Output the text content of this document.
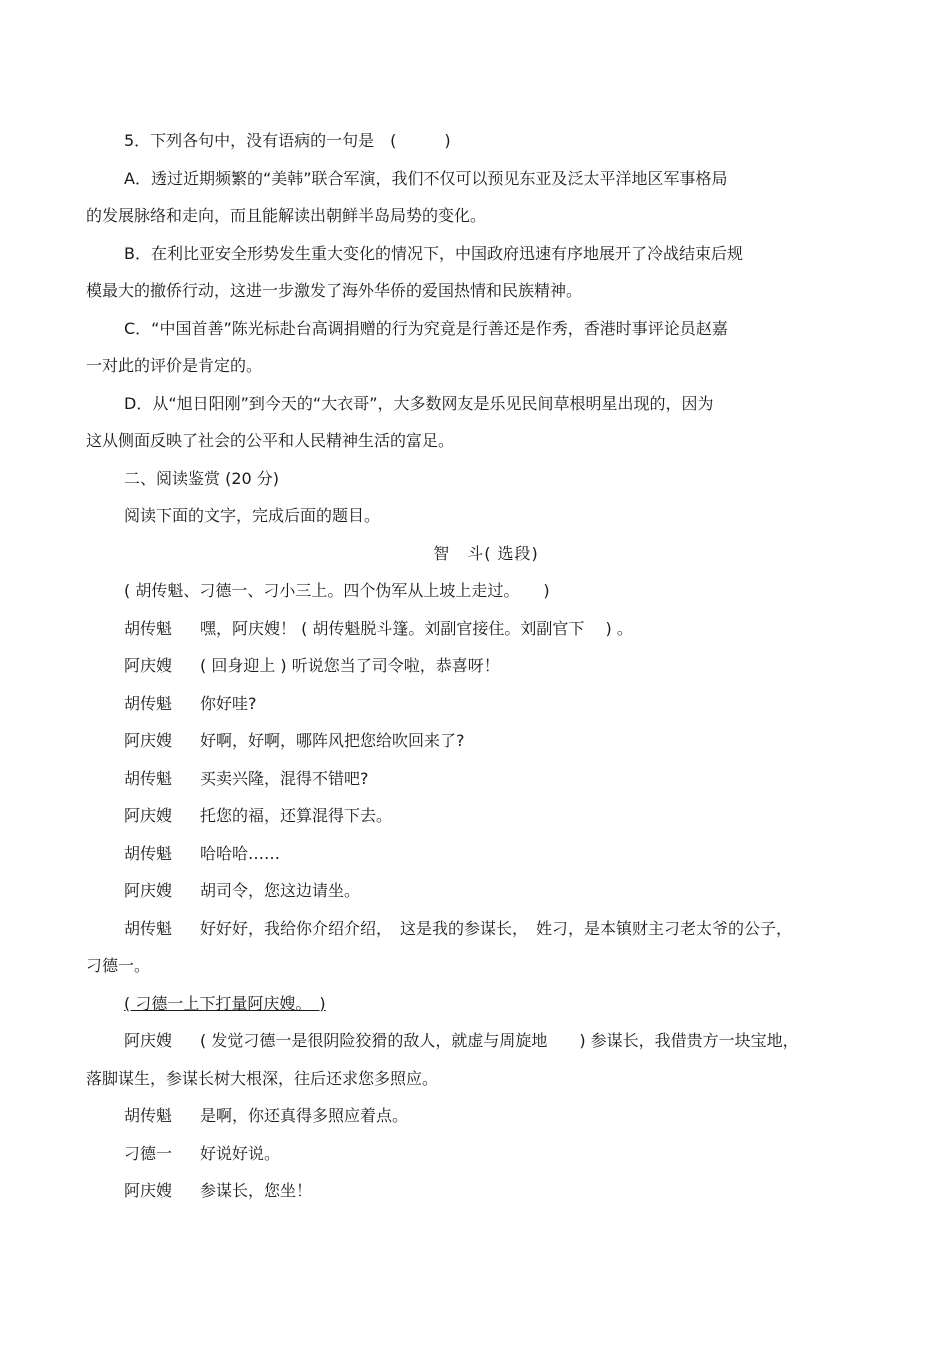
5．下列各句中，没有语病的一句是　(　　　)

A．透过近期频繁的“美韩”联合军演，我们不仅可以预见东亚及泛太平洋地区军事格局

的发展脉络和走向，而且能解读出朝鲜半岛局势的变化。

B．在利比亚安全形势发生重大变化的情况下，中国政府迅速有序地展开了冷战结束后规

模最大的撤侨行动，这进一步激发了海外华侨的爱国热情和民族精神。

C．“中国首善”陈光标赴台高调捐赠的行为究竟是行善还是作秀，香港时事评论员赵嘉

一对此的评价是肯定的。

D．从“旭日阳刚”到今天的“大衣哥”，大多数网友是乐见民间草根明星出现的，因为

这从侧面反映了社会的公平和人民精神生活的富足。

二、阅读鉴赏 (20 分)

阅读下面的文字，完成后面的题目。

智　斗( 选段)

( 胡传魁、刁德一、刁小三上。四个伪军从上坡上走过。　　)

胡传魁 嘿，阿庆嫂！ ( 胡传魁脱斗篷。刘副官接住。刘副官下　 ) 。

阿庆嫂 ( 回身迎上 ) 听说您当了司令啦，恭喜呀！

胡传魁 你好哇?

阿庆嫂 好啊，好啊，哪阵风把您给吹回来了?

胡传魁 买卖兴隆，混得不错吧?

阿庆嫂 托您的福，还算混得下去。

胡传魁 哈哈哈……

阿庆嫂 胡司令，您这边请坐。

胡传魁 好好好，我给你介绍介绍，　这是我的参谋长，　姓刁，是本镇财主刁老太爷的公子，

刁德一。

( 刁德一上下打量阿庆嫂。　)

阿庆嫂 ( 发觉刁德一是很阴险狡猾的敌人，就虚与周旋地　　) 参谋长，我借贵方一块宝地，

落脚谋生，参谋长树大根深，往后还求您多照应。

胡传魁 是啊，你还真得多照应着点。

刁德一 好说好说。

阿庆嫂 参谋长，您坐！
